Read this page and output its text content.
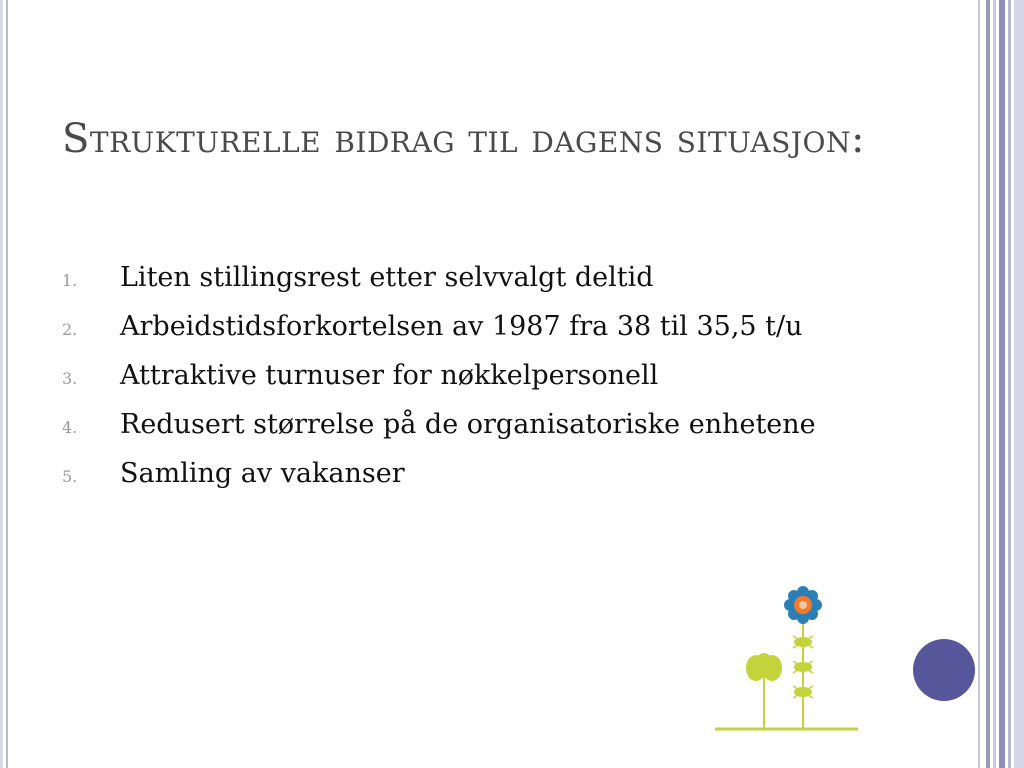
Strukturelle bidrag til dagens situasjon:
1.	Liten stillingsrest etter selvvalgt deltid
2.	Arbeidstidsforkortelsen av 1987 fra 38 til 35,5 t/u
3.	Attraktive turnuser for nøkkelpersonell
4.	Redusert størrelse på de organisatoriske enhetene
5.	Samling av vakanser
